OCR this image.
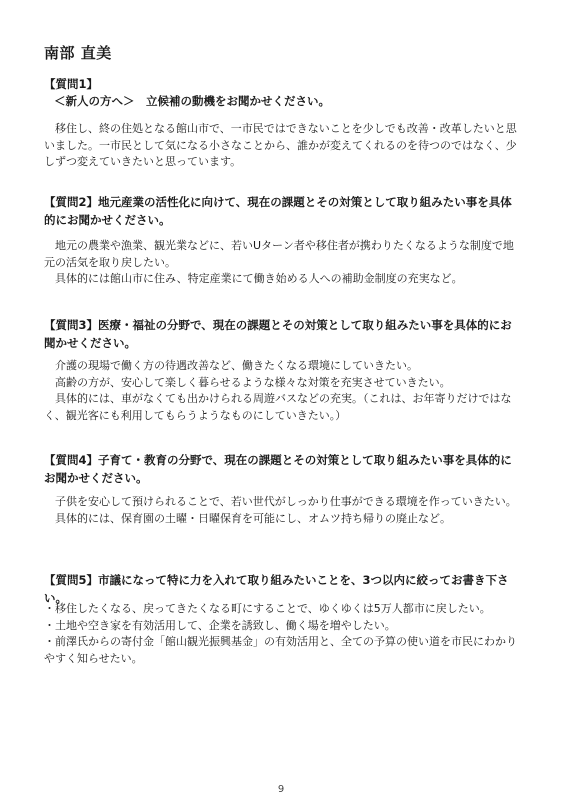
南部 直美
【質問1】
＜新人の方へ＞　立候補の動機をお聞かせください。

　移住し、終の住処となる館山市で、一市民ではできないことを少しでも改善・改革したいと思いました。一市民として気になる小さなことから、誰かが変えてくれるのを待つのではなく、少しずつ変えていきたいと思っています。

【質問2】地元産業の活性化に向けて、現在の課題とその対策として取り組みたい事を具体的にお聞かせください。

　地元の農業や漁業、観光業などに、若いUターン者や移住者が携わりたくなるような制度で地元の活気を取り戻したい。

　具体的には館山市に住み、特定産業にて働き始める人への補助金制度の充実など。

【質問3】医療・福祉の分野で、現在の課題とその対策として取り組みたい事を具体的にお聞かせください。

　介護の現場で働く方の待遇改善など、働きたくなる環境にしていきたい。

　高齢の方が、安心して楽しく暮らせるような様々な対策を充実させていきたい。

　具体的には、車がなくても出かけられる周遊バスなどの充実。（これは、お年寄りだけではなく、観光客にも利用してもらうようなものにしていきたい。）

【質問4】子育て・教育の分野で、現在の課題とその対策として取り組みたい事を具体的にお聞かせください。

　子供を安心して預けられることで、若い世代がしっかり仕事ができる環境を作っていきたい。

　具体的には、保育園の土曜・日曜保育を可能にし、オムツ持ち帰りの廃止など。

【質問5】市議になって特に力を入れて取り組みたいことを、3つ以内に絞ってお書き下さい。

・移住したくなる、戻ってきたくなる町にすることで、ゆくゆくは5万人都市に戻したい。

・土地や空き家を有効活用して、企業を誘致し、働く場を増やしたい。

・前澤氏からの寄付金「館山観光振興基金」の有効活用と、全ての予算の使い道を市民にわかりやすく知らせたい。

9
